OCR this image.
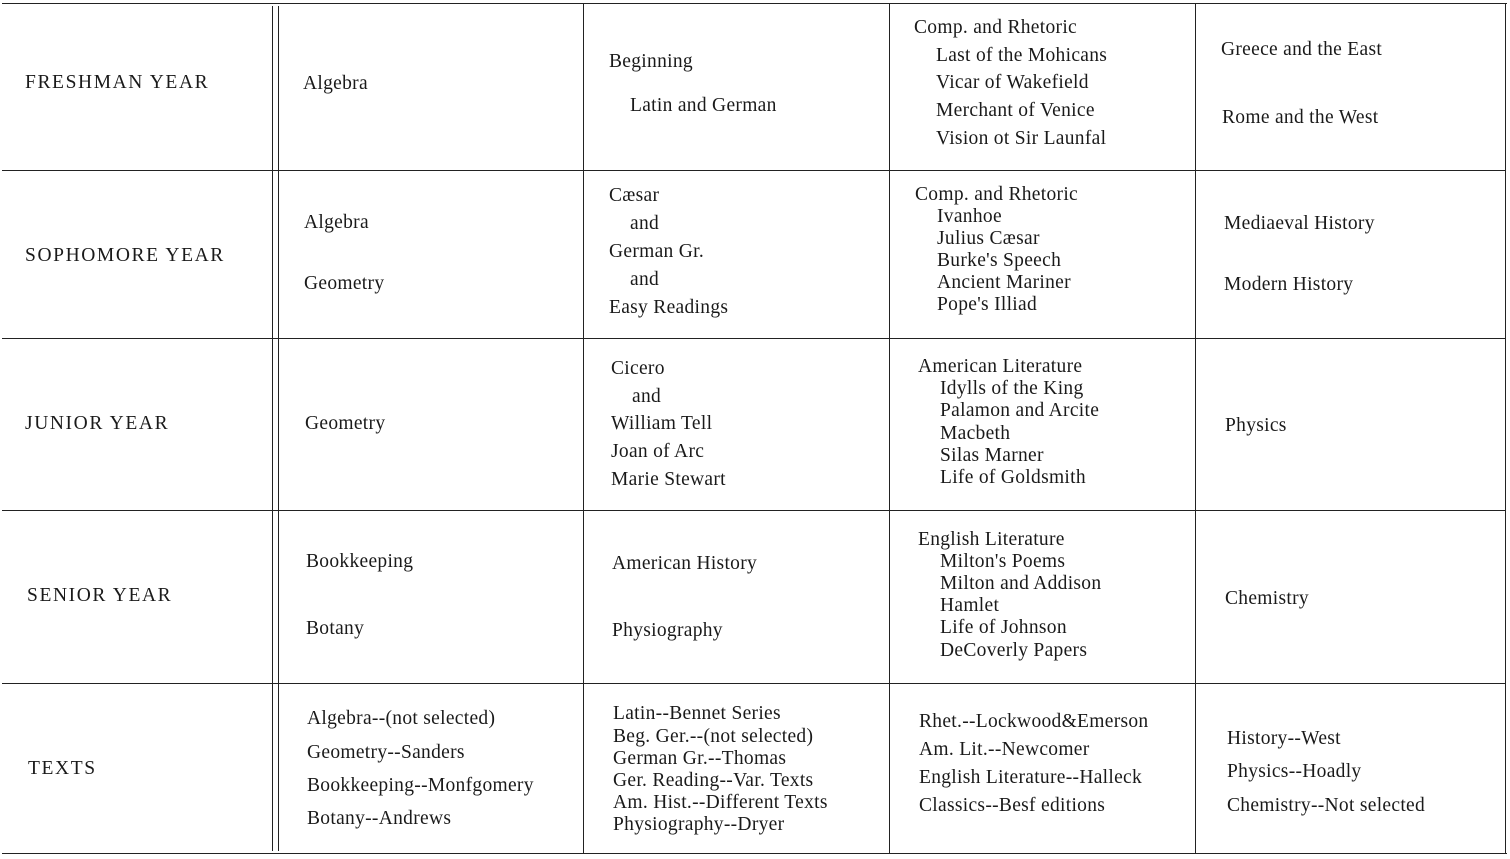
FRESHMAN YEAR	Algebra
Beginning
Latin and German
Comp. and Rhetoric
Last of the Mohicans
Vicar of Wakefield
Merchant of Venice
Vision ot Sir Launfal
Greece and the East
Rome and the West
SOPHOMORE YEAR
Algebra
Geometry
Cæsar
and
German Gr.
and
Easy Readings
Comp. and Rhetoric
Ivanhoe
Julius Cæsar
Burke's Speech
Ancient Mariner
Pope's Illiad
Mediaeval History
Modern History
JUNIOR YEAR	Geometry
Cicero
and
William Tell
Joan of Arc
Marie Stewart
American Literature
Idylls of the King
Palamon and Arcite
Macbeth
Silas Marner
Life of Goldsmith
Physics
SENIOR YEAR
Bookkeeping
Botany
American History
Physiography
English Literature
Milton's Poems
Milton and Addison
Hamlet
Life of Johnson
DeCoverly Papers
Chemistry
TEXTS
Algebra--(not selected)
Geometry--Sanders
Bookkeeping--Monfgomery
Botany--Andrews
Latin--Bennet Series
Beg. Ger.--(not selected)
German Gr.--Thomas
Ger. Reading--Var. Texts
Am. Hist.--Different Texts
Physiography--Dryer
Rhet.--Lockwood&Emerson
Am. Lit.--Newcomer
English Literature--Halleck
Classics--Besf editions
History--West
Physics--Hoadly
Chemistry--Not selected
